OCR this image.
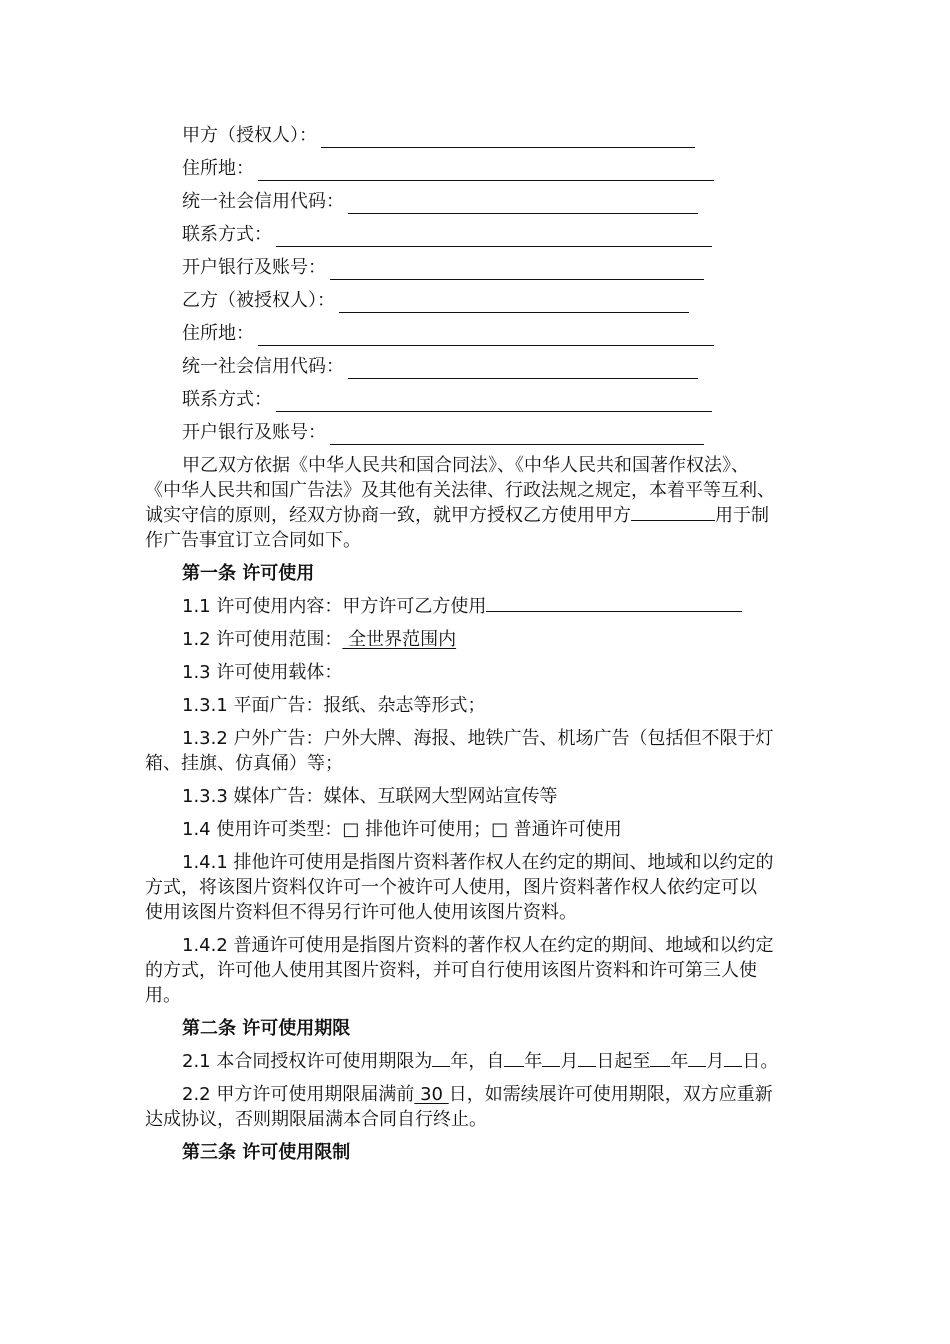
甲方（授权人）：
住所地：
统一社会信用代码：
联系方式：
开户银行及账号：
乙方（被授权人）：
住所地：
统一社会信用代码：
联系方式：
开户银行及账号：
甲乙双方依据《中华人民共和国合同法》、《中华人民共和国著作权法》、
《中华人民共和国广告法》及其他有关法律、行政法规之规定，本着平等互利、
诚实守信的原则，经双方协商一致，就甲方授权乙方使用甲方	用于制
作广告事宜订立合同如下。
第一条 许可使用
1.1 许可使用内容：甲方许可乙方使用
1.2 许可使用范围： 全世界范围内
1.3 许可使用载体：
1.3.1 平面广告：报纸、杂志等形式；
1.3.2 户外广告：户外大牌、海报、地铁广告、机场广告（包括但不限于灯
箱、挂旗、仿真俑）等；
1.3.3 媒体广告：媒体、互联网大型网站宣传等
1.4 使用许可类型：□ 排他许可使用；□ 普通许可使用
1.4.1 排他许可使用是指图片资料著作权人在约定的期间、地域和以约定的
方式，将该图片资料仅许可一个被许可人使用，图片资料著作权人依约定可以
使用该图片资料但不得另行许可他人使用该图片资料。
1.4.2 普通许可使用是指图片资料的著作权人在约定的期间、地域和以约定
的方式，许可他人使用其图片资料，并可自行使用该图片资料和许可第三人使
用。
第二条 许可使用期限
2.1 本合同授权许可使用期限为 年，自 年 月 日起至 年 月 日。
2.2 甲方许可使用期限届满前 30 日，如需续展许可使用期限，双方应重新
达成协议，否则期限届满本合同自行终止。
第三条 许可使用限制
